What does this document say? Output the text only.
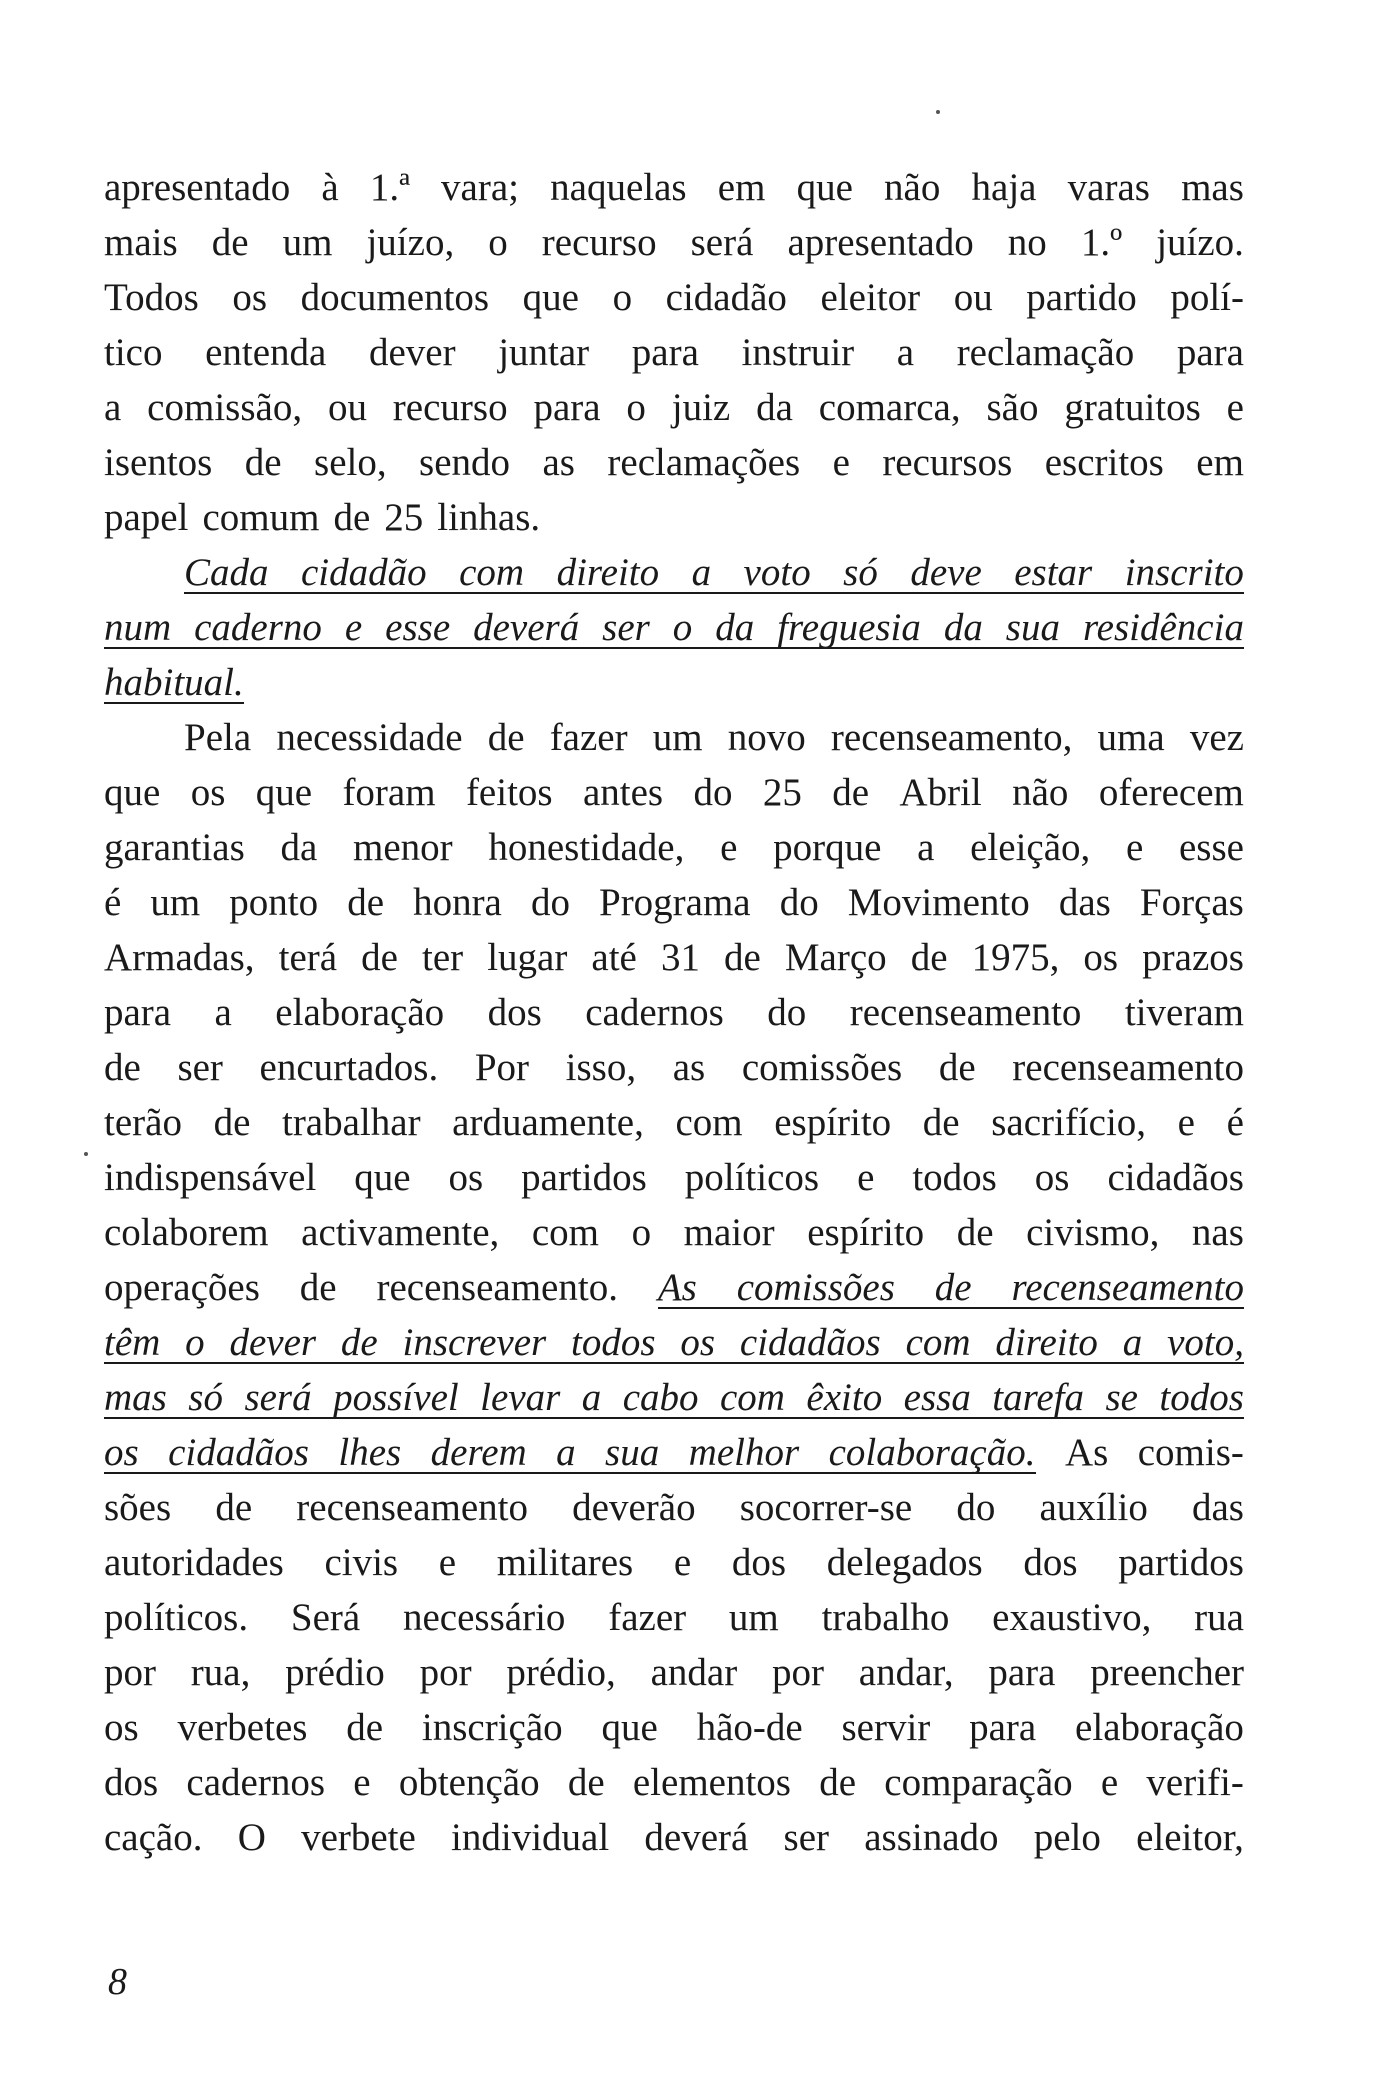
apresentado à 1.ª vara; naquelas em que não haja varas mas
mais de um juízo, o recurso será apresentado no 1.º juízo.
Todos os documentos que o cidadão eleitor ou partido polí-
tico entenda dever juntar para instruir a reclamação para
a comissão, ou recurso para o juiz da comarca, são gratuitos e
isentos de selo, sendo as reclamações e recursos escritos em
papel comum de 25 linhas.
Cada cidadão com direito a voto só deve estar inscrito
num caderno e esse deverá ser o da freguesia da sua residência
habitual.
Pela necessidade de fazer um novo recenseamento, uma vez
que os que foram feitos antes do 25 de Abril não oferecem
garantias da menor honestidade, e porque a eleição, e esse
é um ponto de honra do Programa do Movimento das Forças
Armadas, terá de ter lugar até 31 de Março de 1975, os prazos
para a elaboração dos cadernos do recenseamento tiveram
de ser encurtados. Por isso, as comissões de recenseamento
terão de trabalhar arduamente, com espírito de sacrifício, e é
indispensável que os partidos políticos e todos os cidadãos
colaborem activamente, com o maior espírito de civismo, nas
operações de recenseamento. As comissões de recenseamento
têm o dever de inscrever todos os cidadãos com direito a voto,
mas só será possível levar a cabo com êxito essa tarefa se todos
os cidadãos lhes derem a sua melhor colaboração. As comis-
sões de recenseamento deverão socorrer-se do auxílio das
autoridades civis e militares e dos delegados dos partidos
políticos. Será necessário fazer um trabalho exaustivo, rua
por rua, prédio por prédio, andar por andar, para preencher
os verbetes de inscrição que hão-de servir para elaboração
dos cadernos e obtenção de elementos de comparação e verifi-
cação. O verbete individual deverá ser assinado pelo eleitor,
8
